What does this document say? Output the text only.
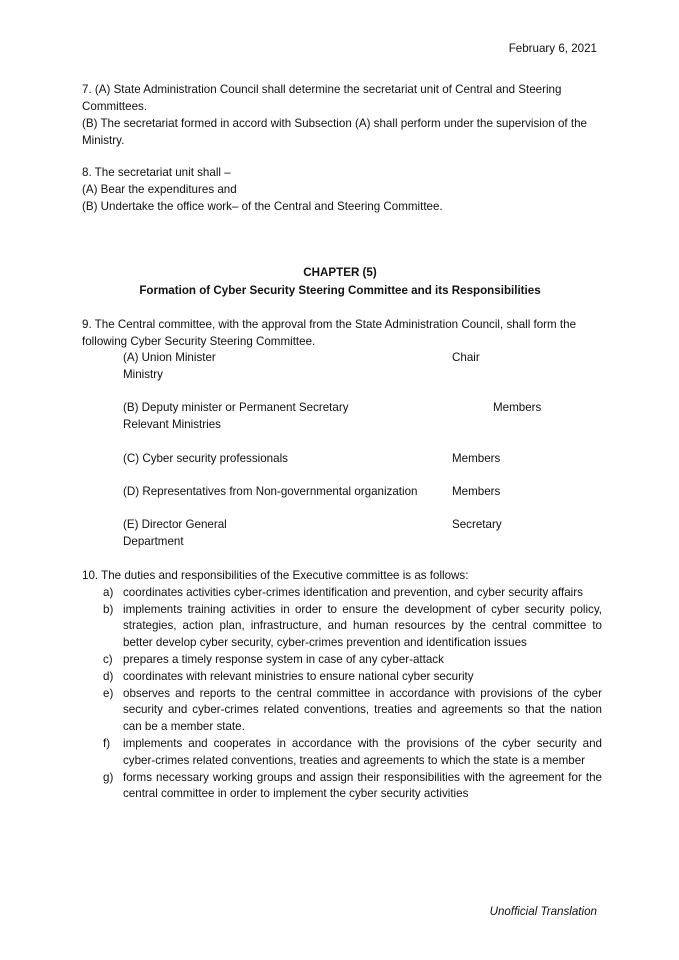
February 6, 2021
7. (A) State Administration Council shall determine the secretariat unit of Central and Steering Committees.
(B) The secretariat formed in accord with Subsection (A) shall perform under the supervision of the Ministry.
8. The secretariat unit shall –
(A) Bear the expenditures and
(B) Undertake the office work– of the Central and Steering Committee.
CHAPTER (5)
Formation of Cyber Security Steering Committee and its Responsibilities
9. The Central committee, with the approval from the State Administration Council, shall form the following Cyber Security Steering Committee.
(A) Union Minister
Ministry
Chair
(B) Deputy minister or Permanent Secretary
Relevant Ministries
Members
(C) Cyber security professionals	Members
(D) Representatives from Non-governmental organization	Members
(E) Director General
Department
Secretary
10. The duties and responsibilities of the Executive committee is as follows:
a) coordinates activities cyber-crimes identification and prevention, and cyber security affairs
b) implements training activities in order to ensure the development of cyber security policy, strategies, action plan, infrastructure, and human resources by the central committee to better develop cyber security, cyber-crimes prevention and identification issues
c) prepares a timely response system in case of any cyber-attack
d) coordinates with relevant ministries to ensure national cyber security
e) observes and reports to the central committee in accordance with provisions of the cyber security and cyber-crimes related conventions, treaties and agreements so that the nation can be a member state.
f) implements and cooperates in accordance with the provisions of the cyber security and cyber-crimes related conventions, treaties and agreements to which the state is a member
g) forms necessary working groups and assign their responsibilities with the agreement for the central committee in order to implement the cyber security activities
Unofficial Translation
